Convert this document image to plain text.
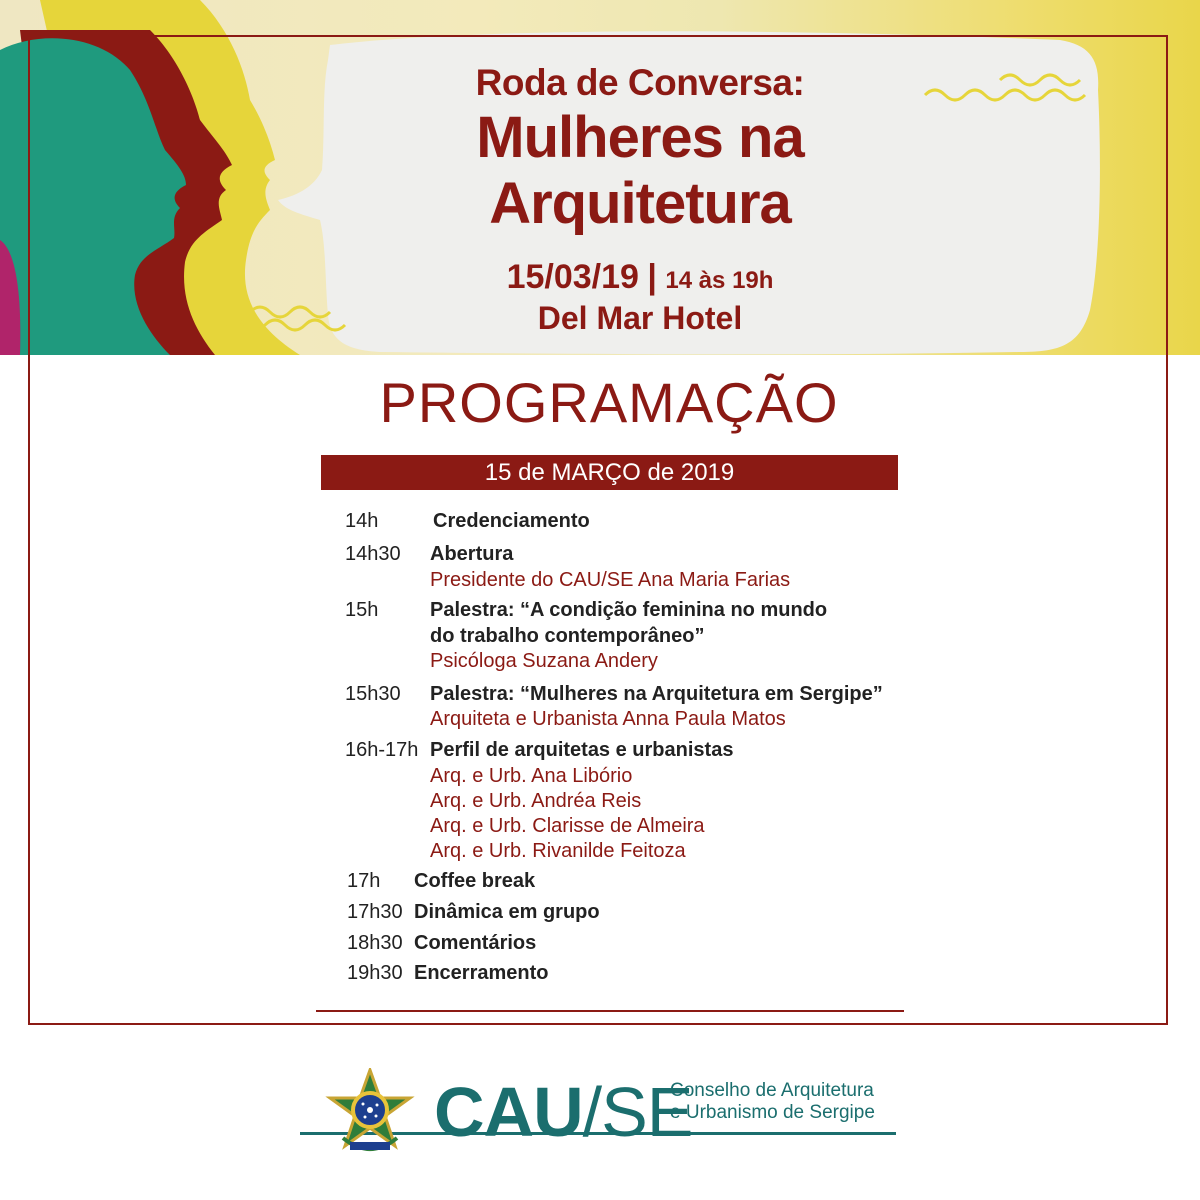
Roda de Conversa:
Mulheres na
Arquitetura
15/03/19 | 14 às 19h
Del Mar Hotel
PROGRAMAÇÃO
15 de MARÇO de 2019
14h	Credenciamento
14h30 Abertura
Presidente do CAU/SE Ana Maria Farias
15h	Palestra: “A condição feminina no mundo
do trabalho contemporâneo”
Psicóloga Suzana Andery
15h30 Palestra: “Mulheres na Arquitetura em Sergipe”
Arquiteta e Urbanista Anna Paula Matos
16h-17h Perfil de arquitetas e urbanistas
Arq. e Urb. Ana Libório
Arq. e Urb. Andréa Reis
Arq. e Urb. Clarisse de Almeira
Arq. e Urb. Rivanilde Feitoza
17h Coffee break
17h30 Dinâmica em grupo
18h30 Comentários
19h30 Encerramento
CAU/SE
Conselho de Arquitetura
e Urbanismo de Sergipe
